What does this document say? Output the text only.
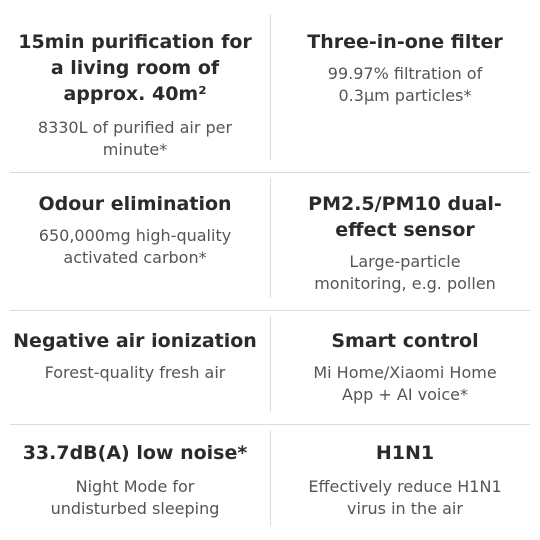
15min purification for
a living room of
approx. 40m²

8330L of purified air per
minute*

Three-in-one filter

99.97% filtration of
0.3μm particles*

Odour elimination

650,000mg high-quality
activated carbon*

PM2.5/PM10 dual-
effect sensor

Large-particle
monitoring, e.g. pollen

Negative air ionization

Forest-quality fresh air

Smart control

Mi Home/Xiaomi Home
App + AI voice*

33.7dB(A) low noise*

Night Mode for
undisturbed sleeping

H1N1

Effectively reduce H1N1
virus in the air
